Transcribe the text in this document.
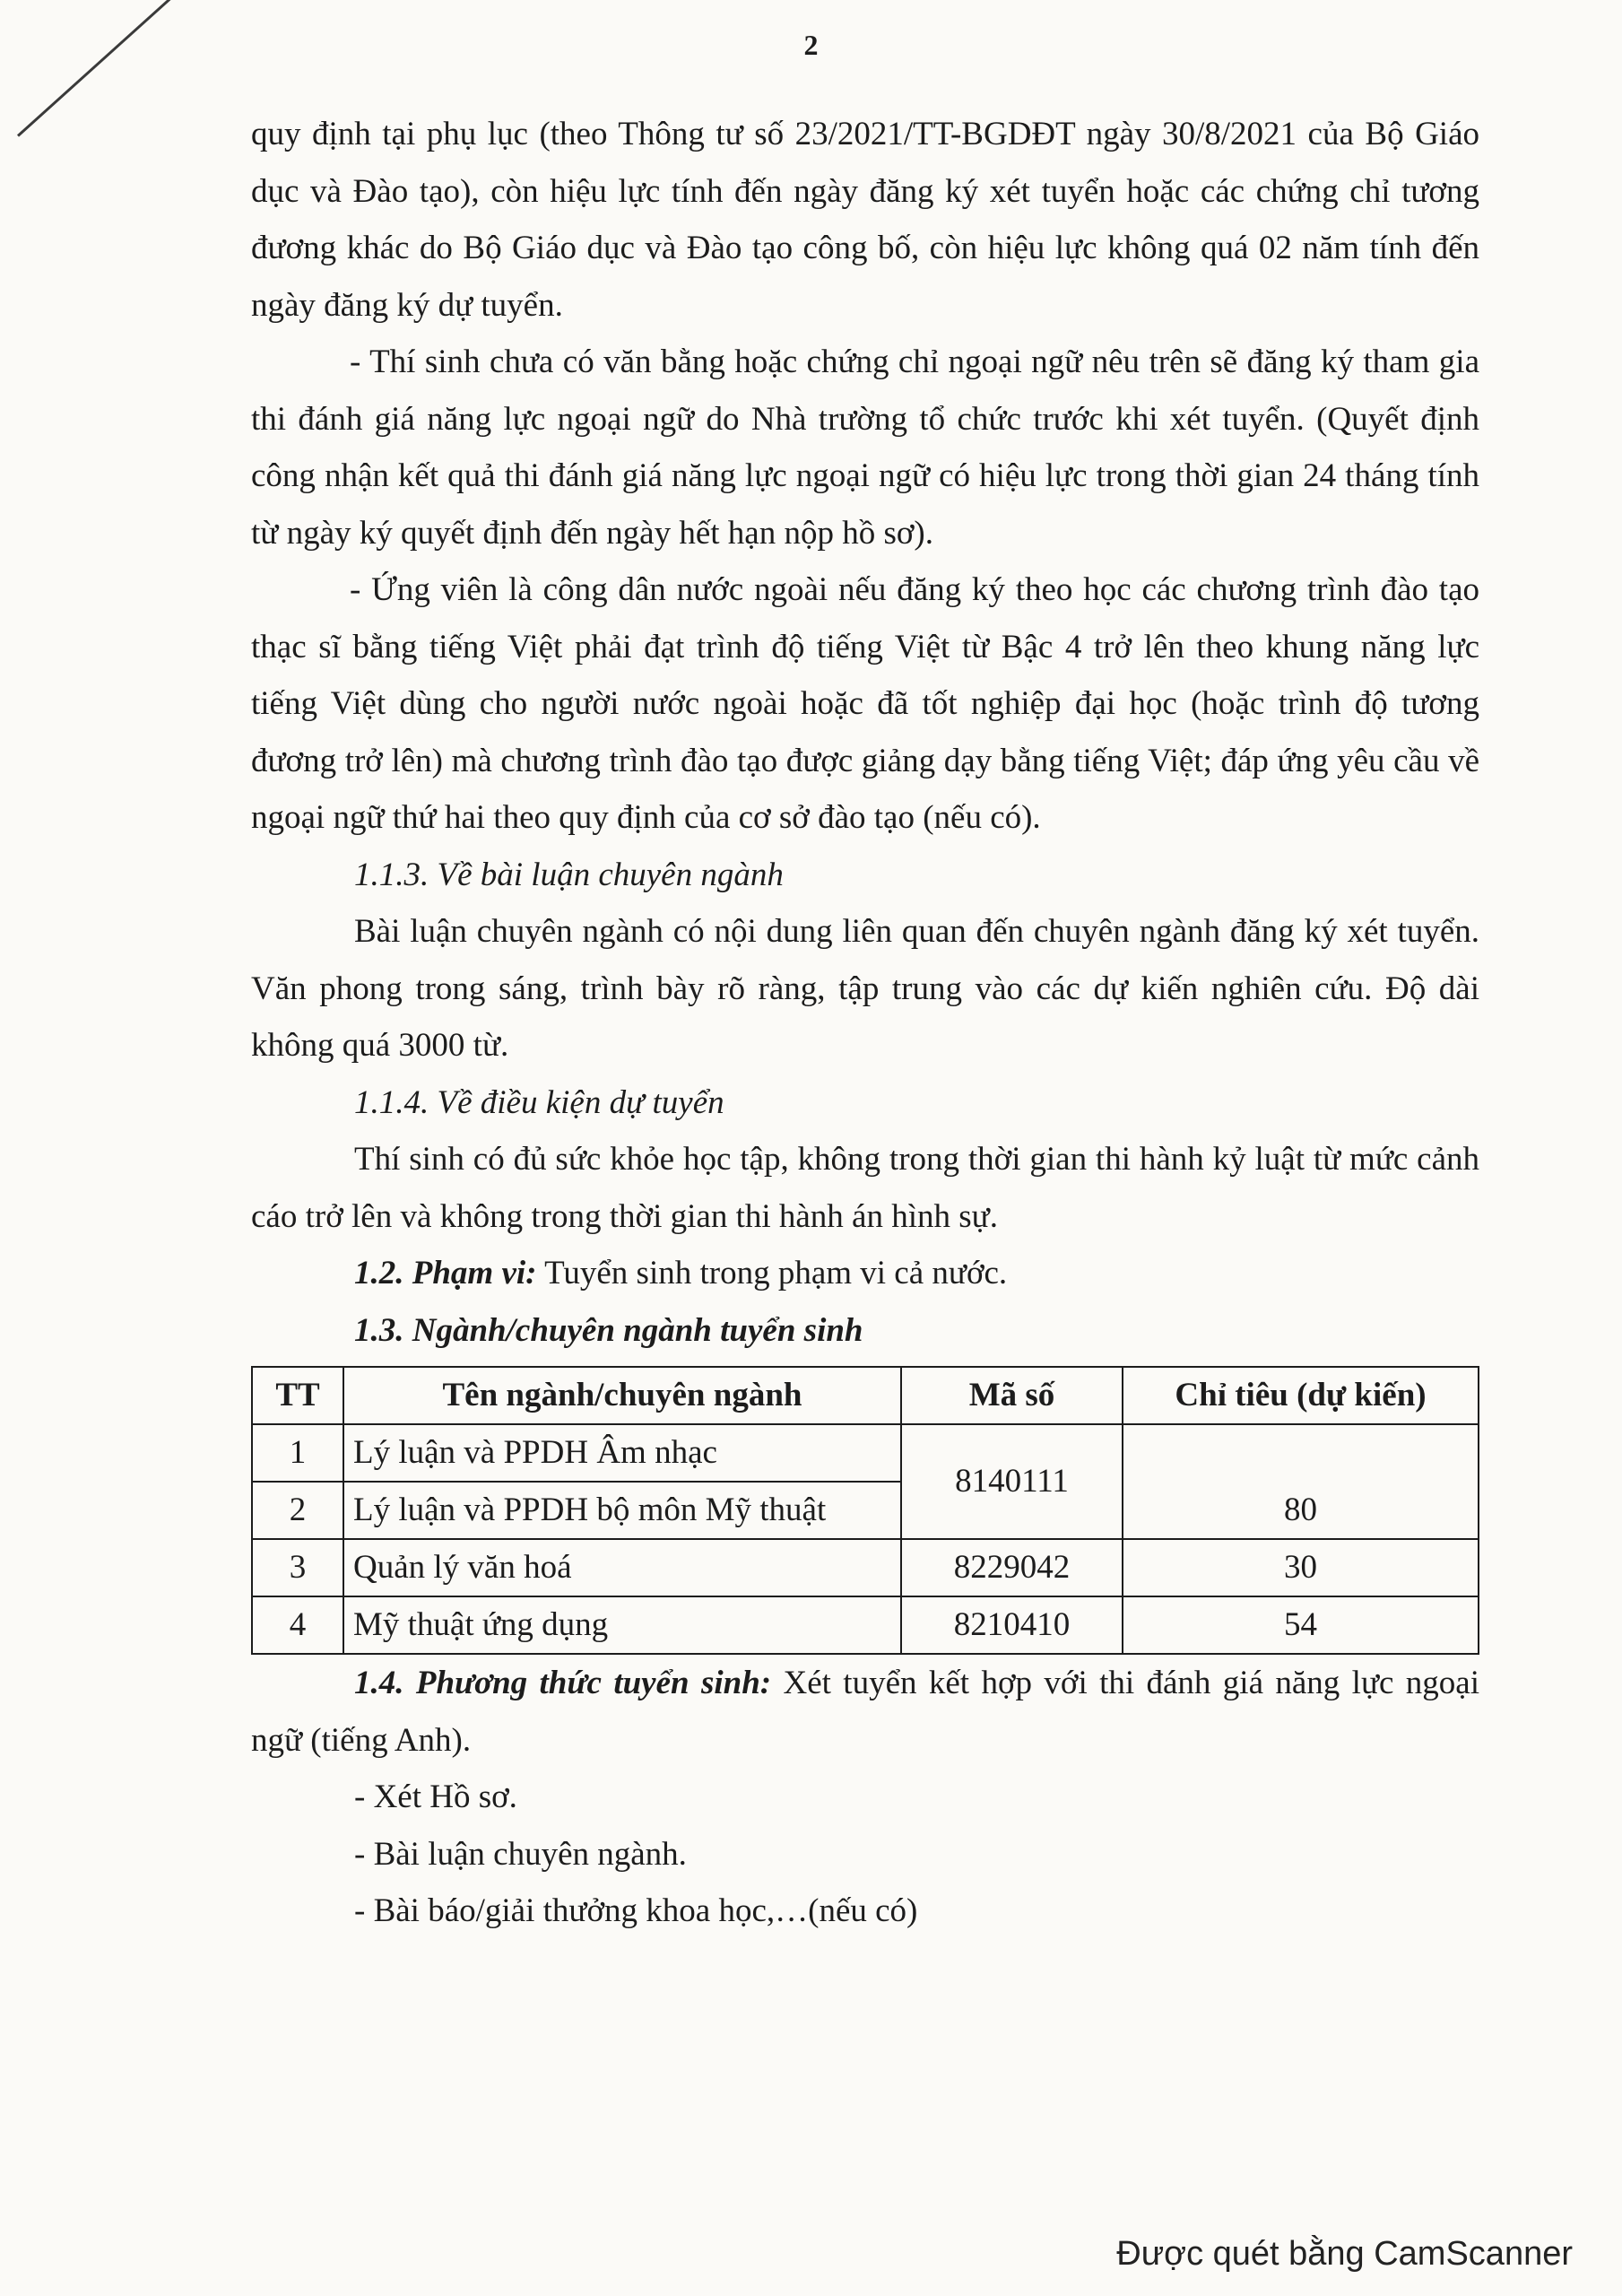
2

quy định tại phụ lục (theo Thông tư số 23/2021/TT-BGDĐT ngày 30/8/2021 của Bộ Giáo dục và Đào tạo), còn hiệu lực tính đến ngày đăng ký xét tuyển hoặc các chứng chỉ tương đương khác do Bộ Giáo dục và Đào tạo công bố, còn hiệu lực không quá 02 năm tính đến ngày đăng ký dự tuyển.

- Thí sinh chưa có văn bằng hoặc chứng chỉ ngoại ngữ nêu trên sẽ đăng ký tham gia thi đánh giá năng lực ngoại ngữ do Nhà trường tổ chức trước khi xét tuyển. (Quyết định công nhận kết quả thi đánh giá năng lực ngoại ngữ có hiệu lực trong thời gian 24 tháng tính từ ngày ký quyết định đến ngày hết hạn nộp hồ sơ).

- Ứng viên là công dân nước ngoài nếu đăng ký theo học các chương trình đào tạo thạc sĩ bằng tiếng Việt phải đạt trình độ tiếng Việt từ Bậc 4 trở lên theo khung năng lực tiếng Việt dùng cho người nước ngoài hoặc đã tốt nghiệp đại học (hoặc trình độ tương đương trở lên) mà chương trình đào tạo được giảng dạy bằng tiếng Việt; đáp ứng yêu cầu về ngoại ngữ thứ hai theo quy định của cơ sở đào tạo (nếu có).

1.1.3. Về bài luận chuyên ngành

Bài luận chuyên ngành có nội dung liên quan đến chuyên ngành đăng ký xét tuyển. Văn phong trong sáng, trình bày rõ ràng, tập trung vào các dự kiến nghiên cứu. Độ dài không quá 3000 từ.

1.1.4. Về điều kiện dự tuyển

Thí sinh có đủ sức khỏe học tập, không trong thời gian thi hành kỷ luật từ mức cảnh cáo trở lên và không trong thời gian thi hành án hình sự.

1.2. Phạm vi: Tuyển sinh trong phạm vi cả nước.

1.3. Ngành/chuyên ngành tuyển sinh

TT	Tên ngành/chuyên ngành	Mã số	Chỉ tiêu (dự kiến)
1	Lý luận và PPDH Âm nhạc	8140111	80
2	Lý luận và PPDH bộ môn Mỹ thuật		
3	Quản lý văn hoá	8229042	30
4	Mỹ thuật ứng dụng	8210410	54

1.4. Phương thức tuyển sinh: Xét tuyển kết hợp với thi đánh giá năng lực ngoại ngữ (tiếng Anh).

- Xét Hồ sơ.

- Bài luận chuyên ngành.

- Bài báo/giải thưởng khoa học,…(nếu có)

Được quét bằng CamScanner
